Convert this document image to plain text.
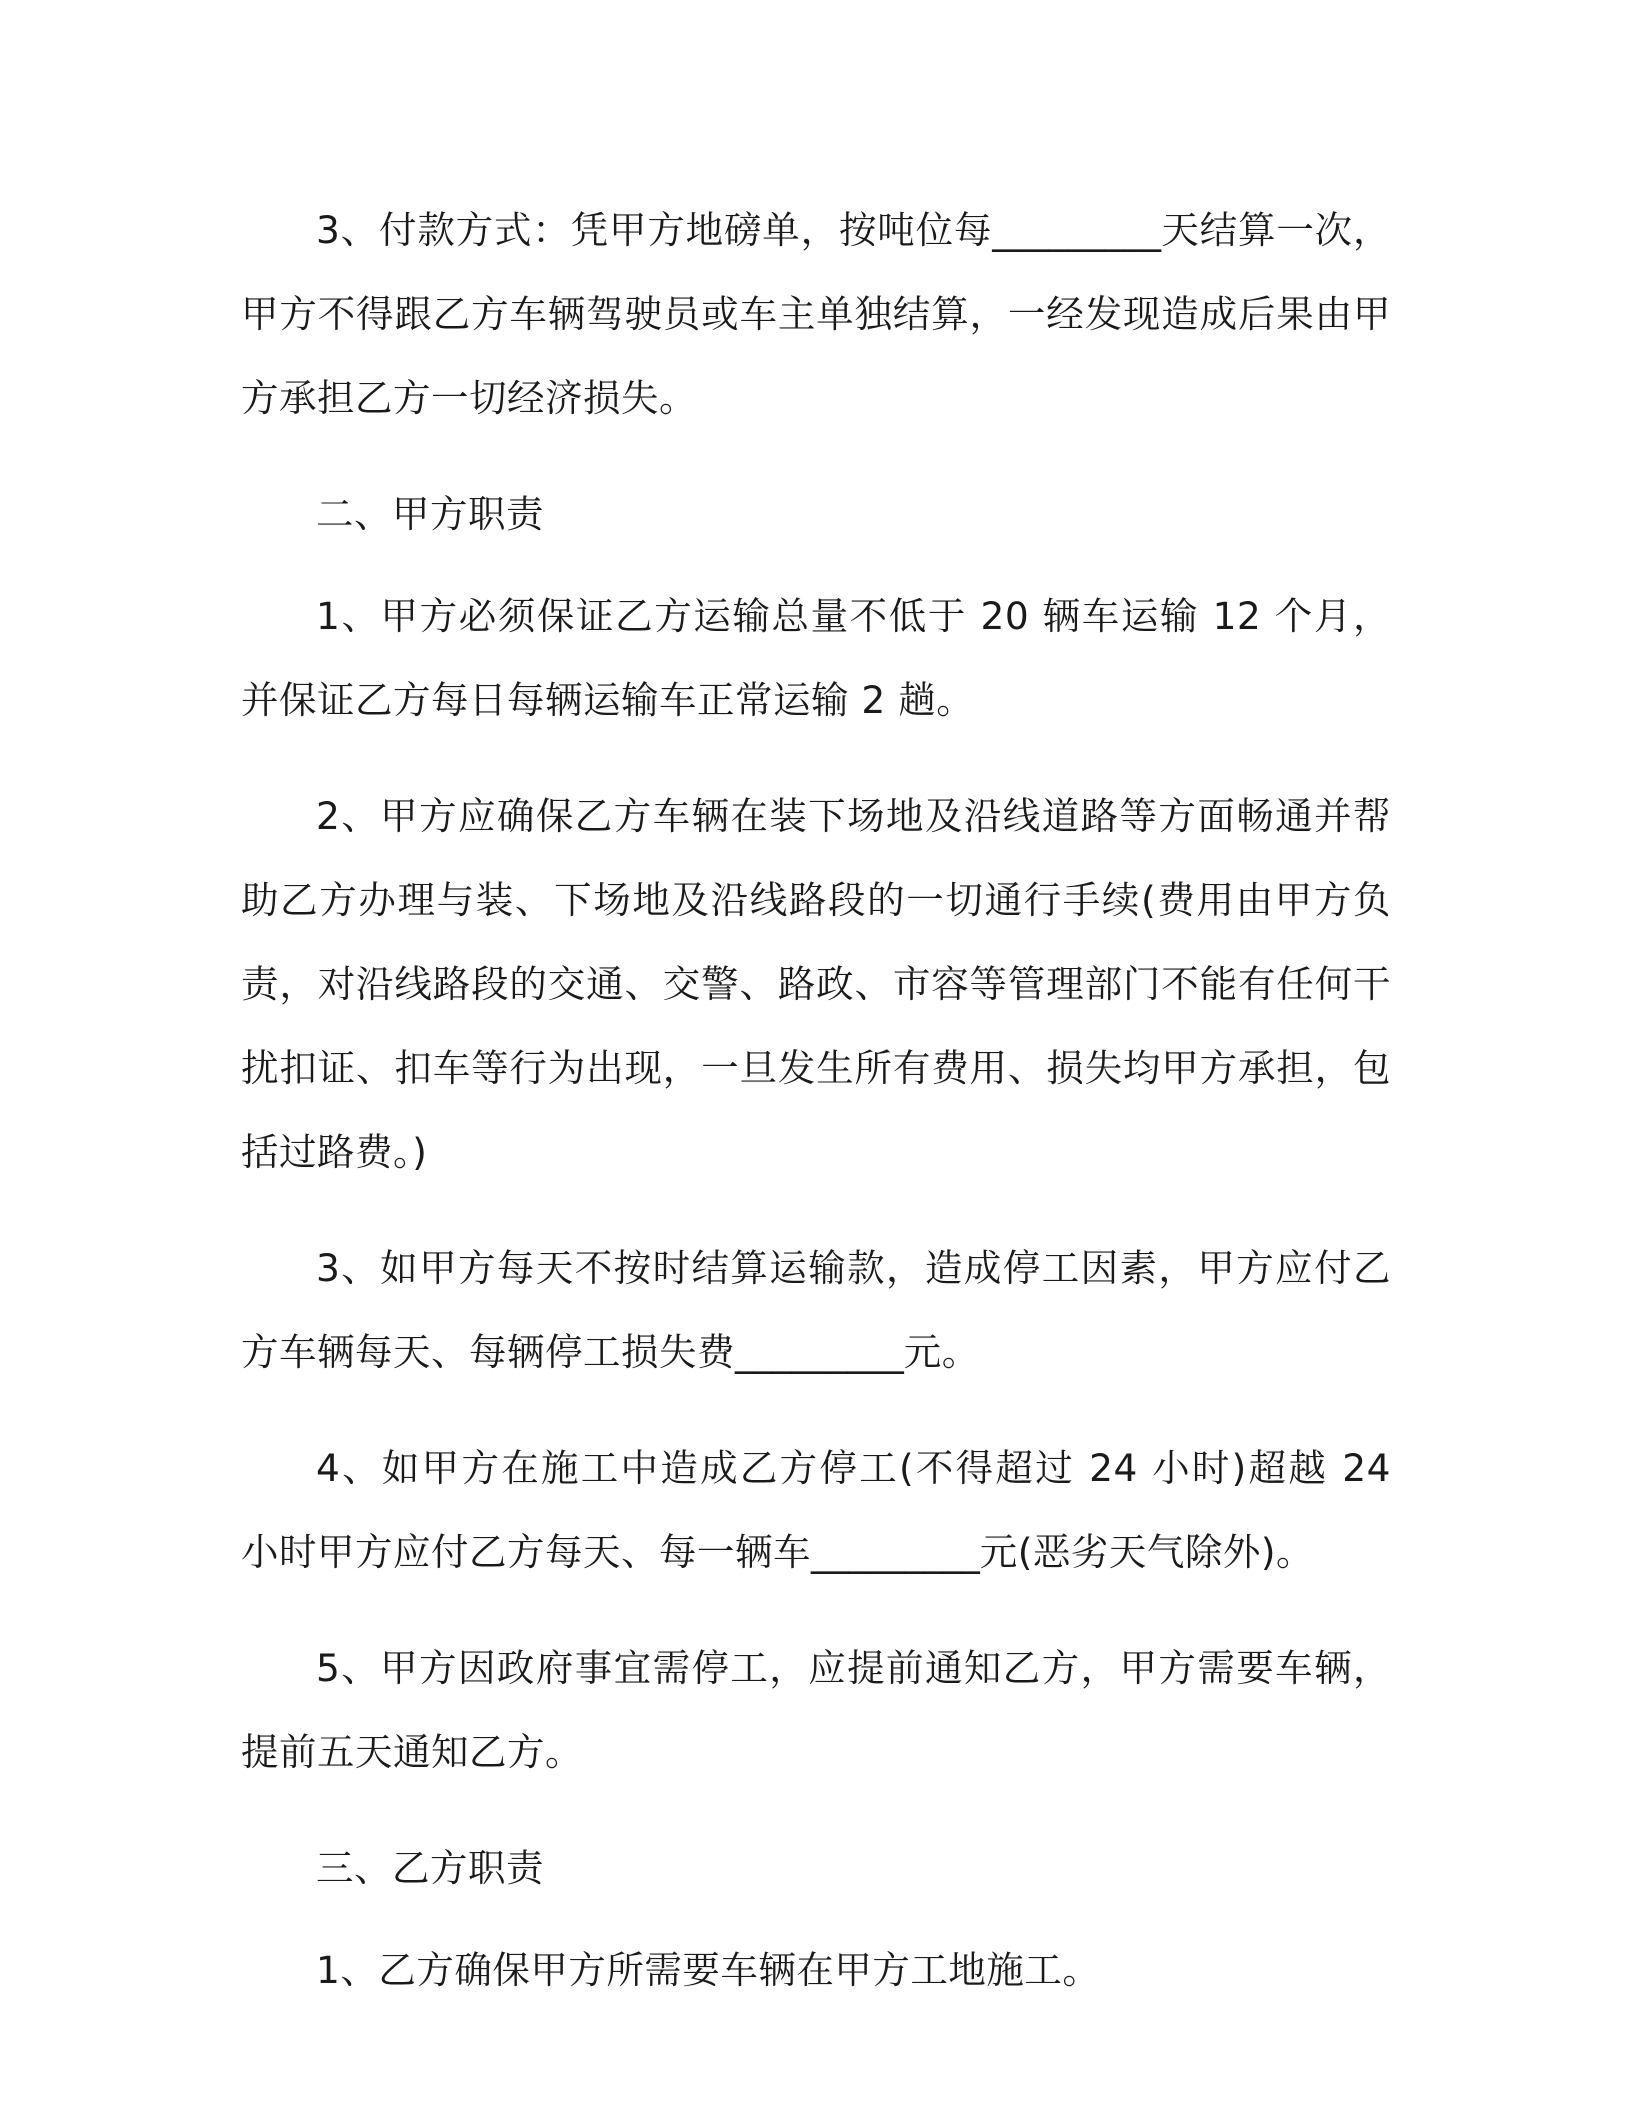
3、付款方式：凭甲方地磅单，按吨位每_________天结算一次，甲方不得跟乙方车辆驾驶员或车主单独结算，一经发现造成后果由甲方承担乙方一切经济损失。

二、甲方职责

1、甲方必须保证乙方运输总量不低于 20 辆车运输 12 个月，并保证乙方每日每辆运输车正常运输 2 趟。

2、甲方应确保乙方车辆在装下场地及沿线道路等方面畅通并帮助乙方办理与装、下场地及沿线路段的一切通行手续(费用由甲方负责，对沿线路段的交通、交警、路政、市容等管理部门不能有任何干扰扣证、扣车等行为出现，一旦发生所有费用、损失均甲方承担，包括过路费。)

3、如甲方每天不按时结算运输款，造成停工因素，甲方应付乙方车辆每天、每辆停工损失费_________元。

4、如甲方在施工中造成乙方停工(不得超过 24 小时)超越 24 小时甲方应付乙方每天、每一辆车_________元(恶劣天气除外)。

5、甲方因政府事宜需停工，应提前通知乙方，甲方需要车辆，提前五天通知乙方。

三、乙方职责

1、乙方确保甲方所需要车辆在甲方工地施工。
